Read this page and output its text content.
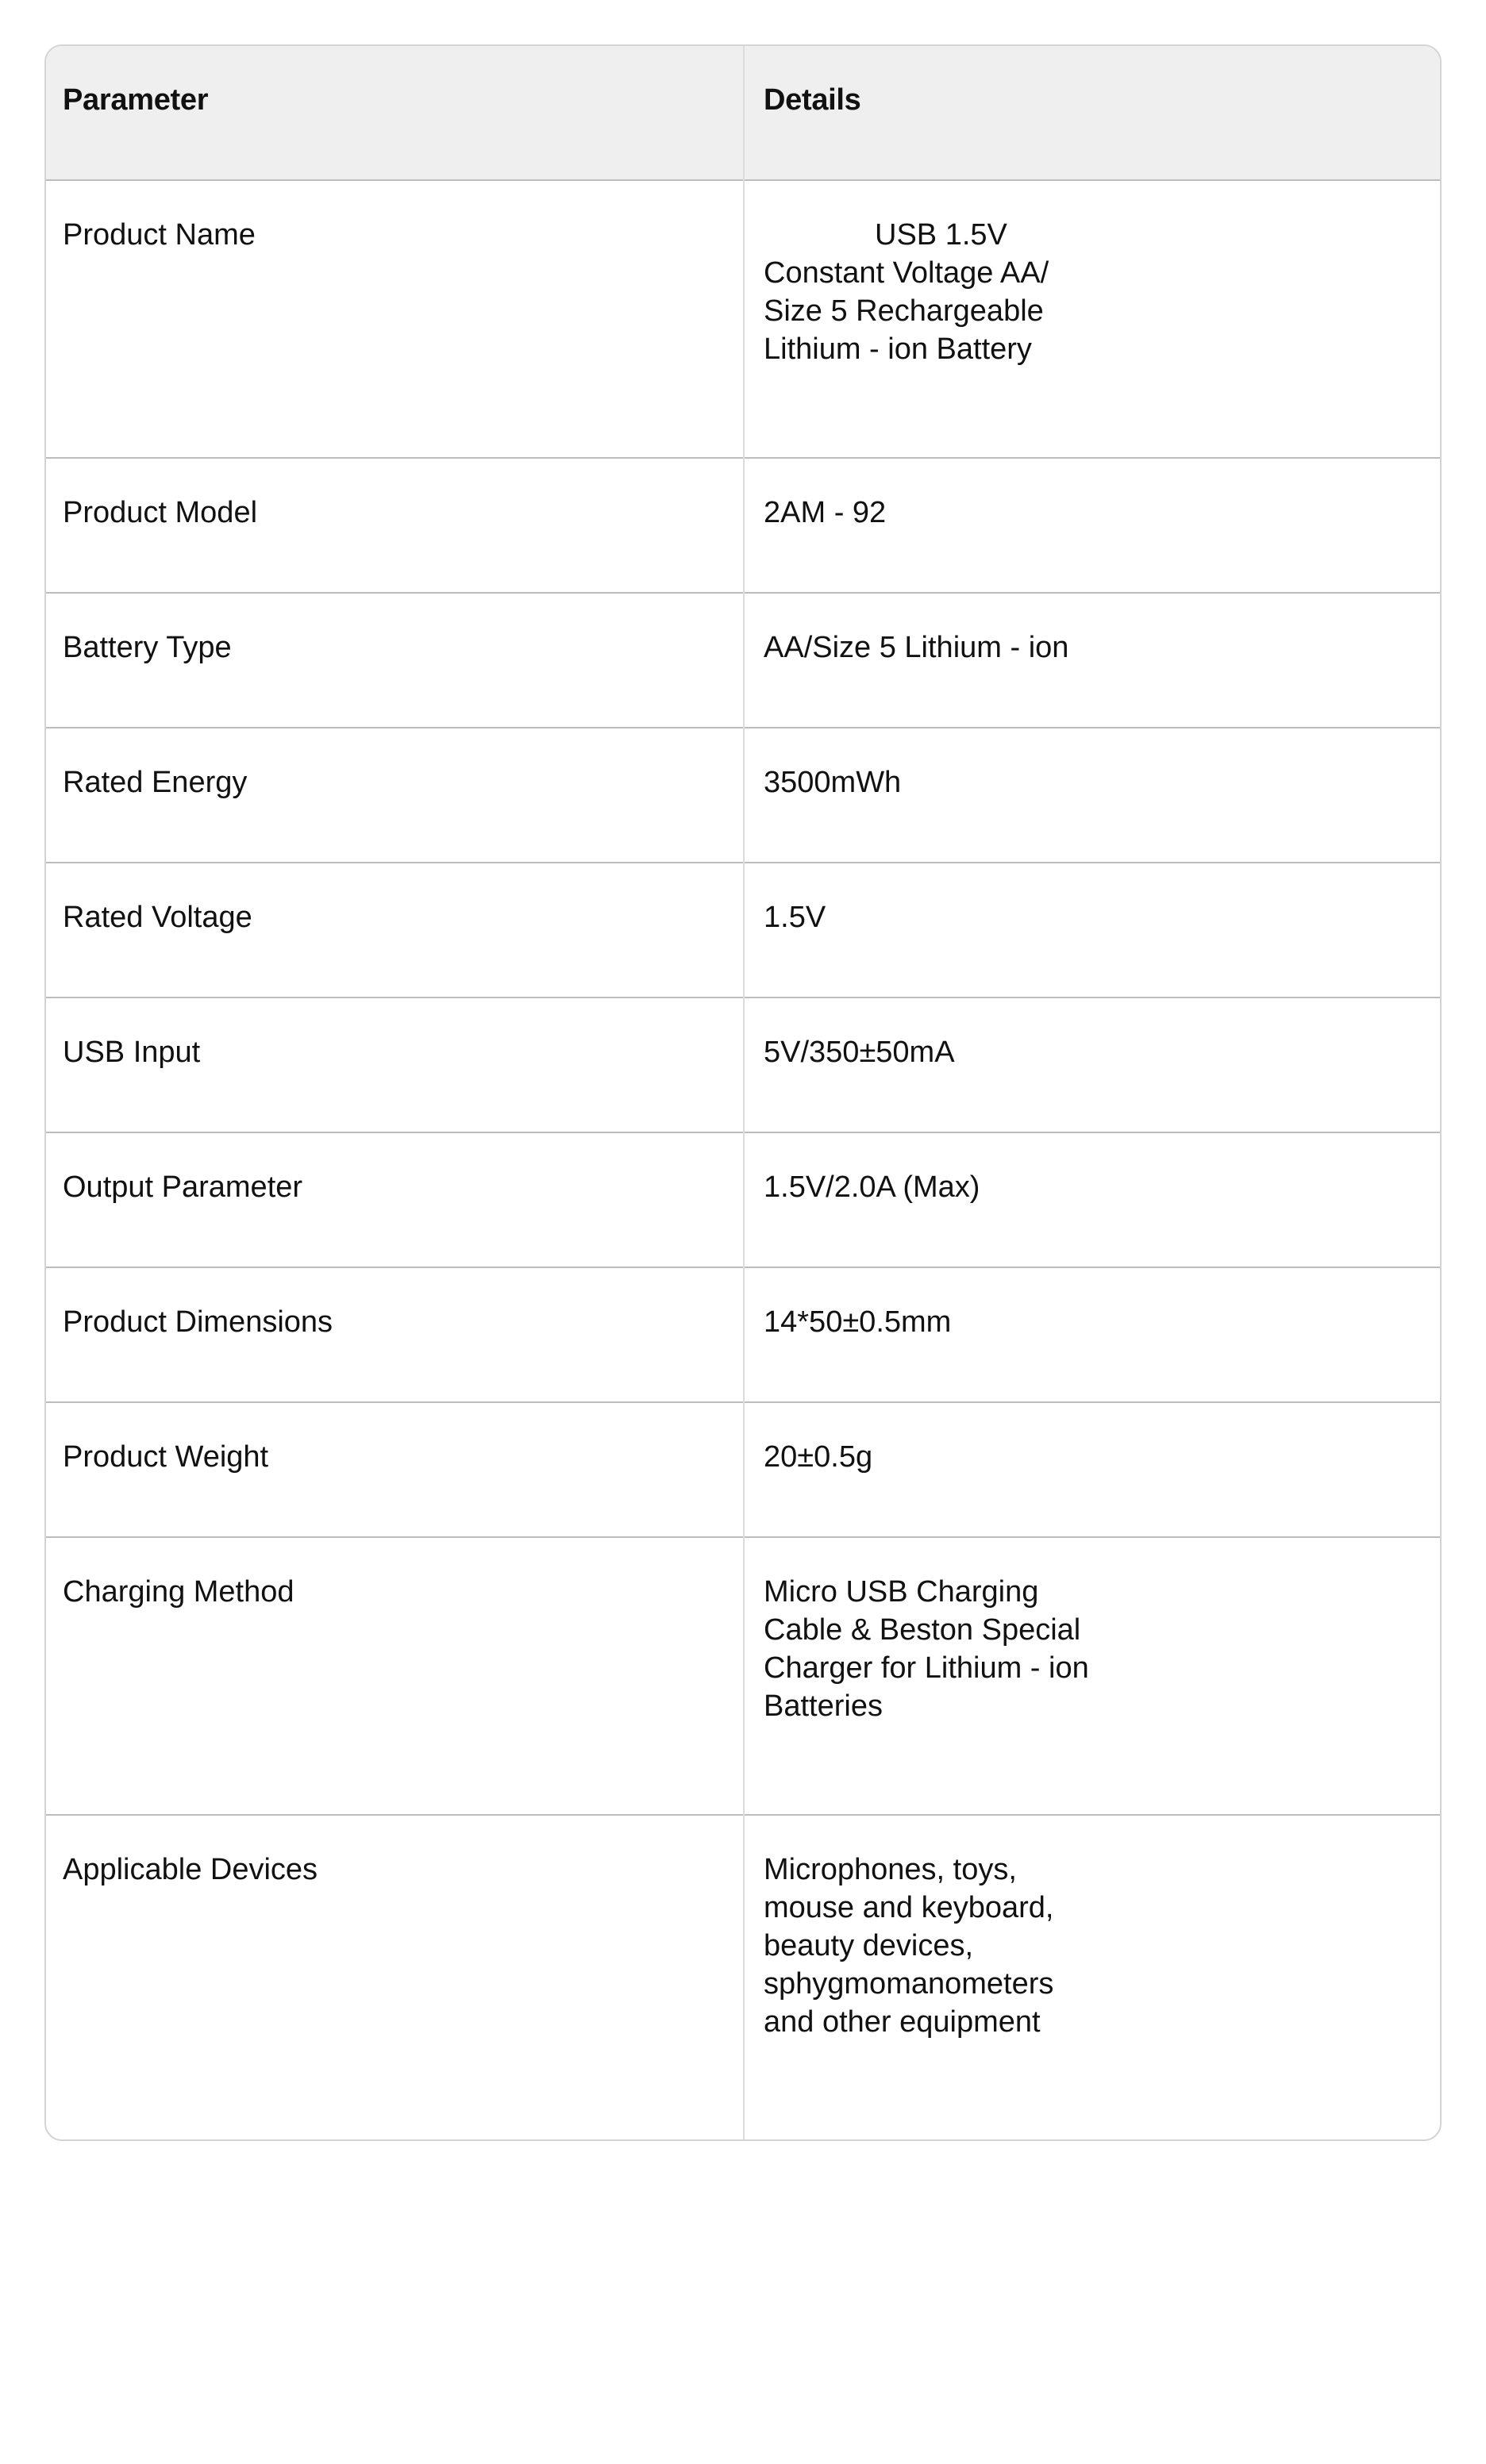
Parameter	Details
Product Name	USB 1.5V
Constant Voltage AA/
Size 5 Rechargeable
Lithium - ion Battery
Product Model	2AM - 92
Battery Type	AA/Size 5 Lithium - ion
Rated Energy	3500mWh
Rated Voltage	1.5V
USB Input	5V/350±50mA
Output Parameter	1.5V/2.0A (Max)
Product Dimensions	14*50±0.5mm
Product Weight	20±0.5g
Charging Method	Micro USB Charging
Cable & Beston Special
Charger for Lithium - ion
Batteries
Applicable Devices	Microphones, toys,
mouse and keyboard,
beauty devices,
sphygmomanometers
and other equipment
